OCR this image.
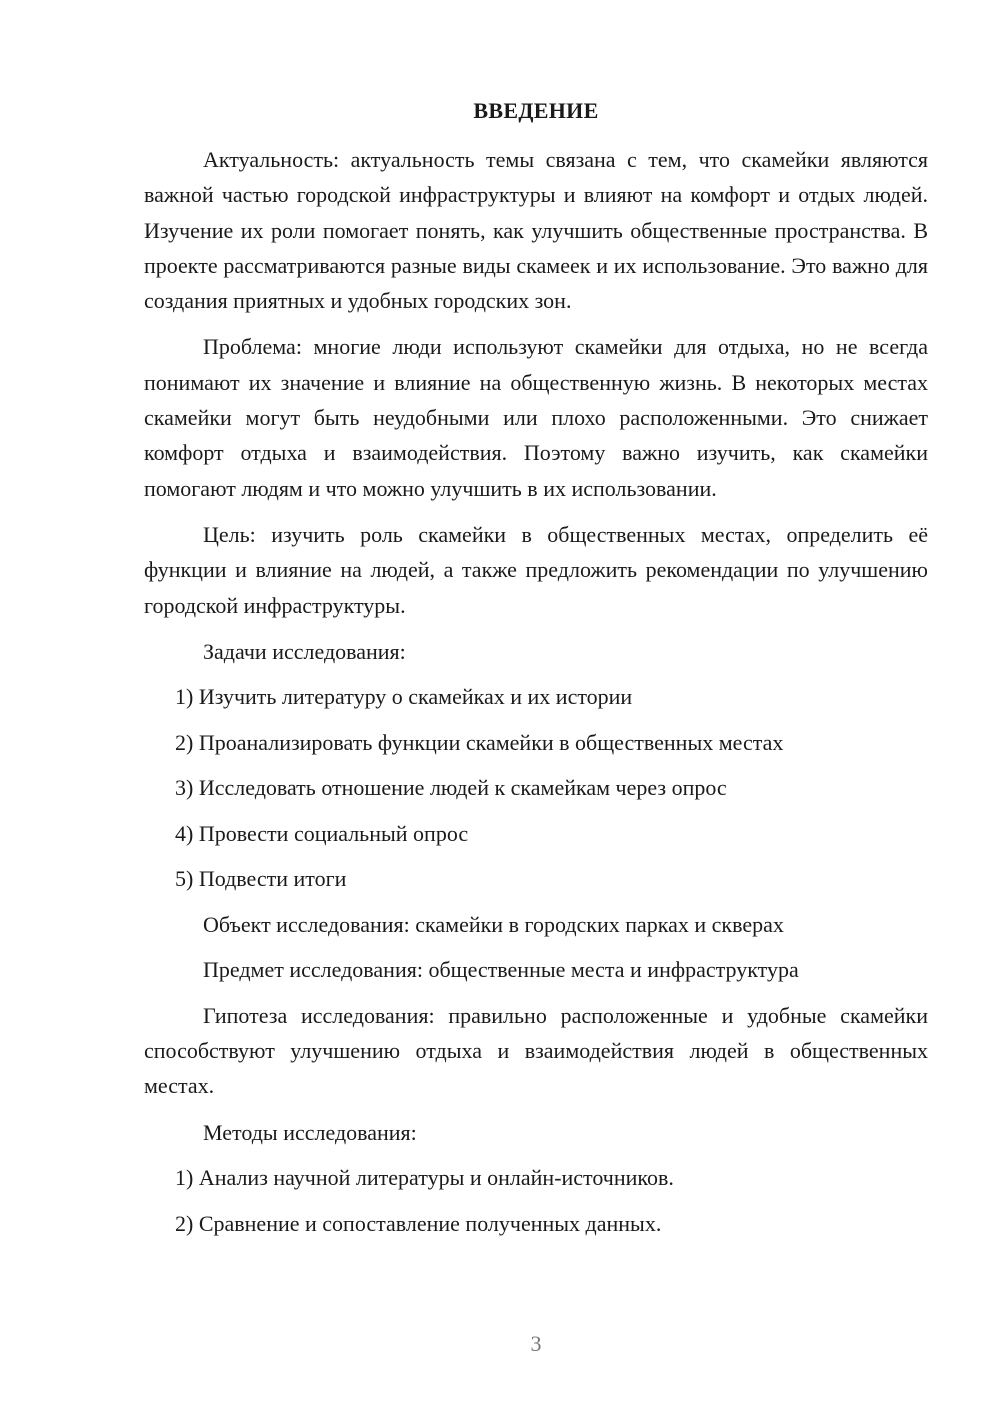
ВВЕДЕНИЕ

Актуальность: актуальность темы связана с тем, что скамейки являются важной частью городской инфраструктуры и влияют на комфорт и отдых людей. Изучение их роли помогает понять, как улучшить общественные пространства. В проекте рассматриваются разные виды скамеек и их использование. Это важно для создания приятных и удобных городских зон.

Проблема: многие люди используют скамейки для отдыха, но не всегда понимают их значение и влияние на общественную жизнь. В некоторых местах скамейки могут быть неудобными или плохо расположенными. Это снижает комфорт отдыха и взаимодействия. Поэтому важно изучить, как скамейки помогают людям и что можно улучшить в их использовании.

Цель: изучить роль скамейки в общественных местах, определить её функции и влияние на людей, а также предложить рекомендации по улучшению городской инфраструктуры.

Задачи исследования:
1) Изучить литературу о скамейках и их истории
2) Проанализировать функции скамейки в общественных местах
3) Исследовать отношение людей к скамейкам через опрос
4) Провести социальный опрос
5) Подвести итоги
Объект исследования: скамейки в городских парках и скверах
Предмет исследования: общественные места и инфраструктура

Гипотеза исследования: правильно расположенные и удобные скамейки способствуют улучшению отдыха и взаимодействия людей в общественных местах.

Методы исследования:
1) Анализ научной литературы и онлайн-источников.
2) Сравнение и сопоставление полученных данных.
3
